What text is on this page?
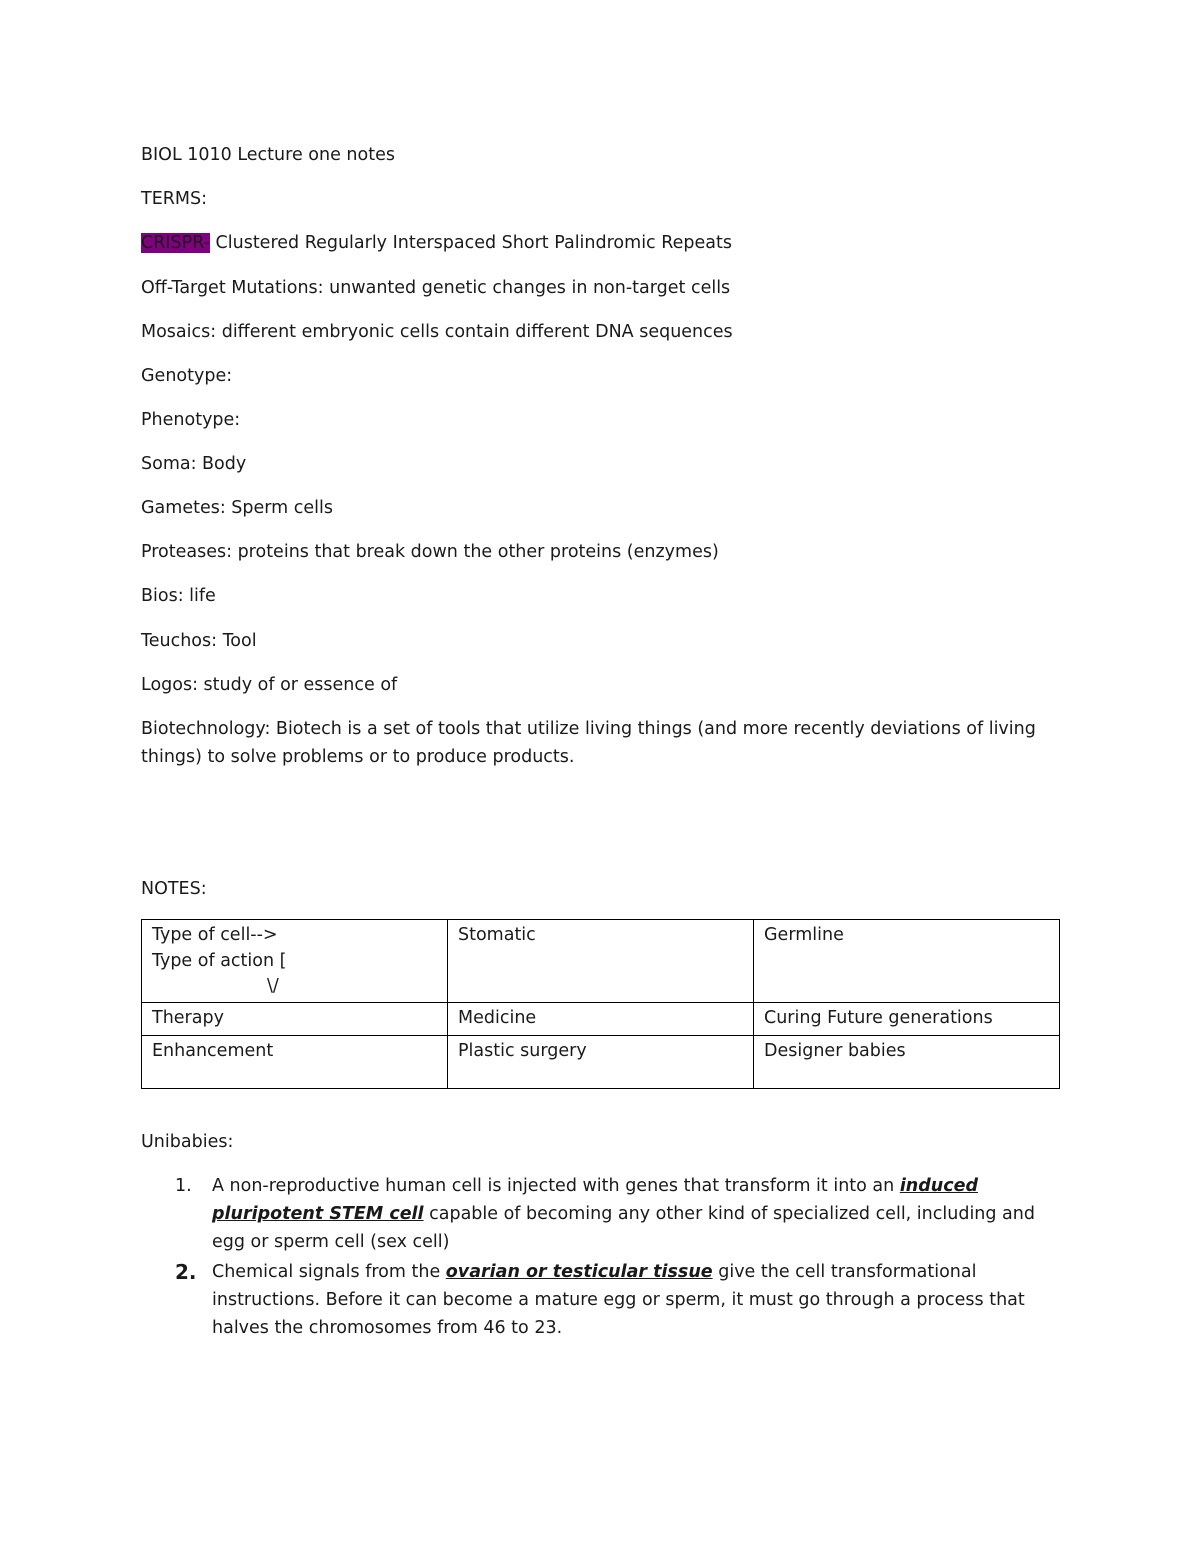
BIOL 1010 Lecture one notes

TERMS:

CRISPR- Clustered Regularly Interspaced Short Palindromic Repeats

Off-Target Mutations: unwanted genetic changes in non-target cells

Mosaics: different embryonic cells contain different DNA sequences

Genotype:

Phenotype:

Soma: Body

Gametes: Sperm cells

Proteases: proteins that break down the other proteins (enzymes)

Bios: life

Teuchos: Tool

Logos: study of or essence of

Biotechnology: Biotech is a set of tools that utilize living things (and more recently deviations of living things) to solve problems or to produce products.

NOTES:

Type of cell-->
Type of action [
\/	Stomatic	Germline
Therapy	Medicine	Curing Future generations
Enhancement	Plastic surgery	Designer babies

Unibabies:

1. A non-reproductive human cell is injected with genes that transform it into an induced pluripotent STEM cell capable of becoming any other kind of specialized cell, including and egg or sperm cell (sex cell)
2. Chemical signals from the ovarian or testicular tissue give the cell transformational instructions. Before it can become a mature egg or sperm, it must go through a process that halves the chromosomes from 46 to 23.
